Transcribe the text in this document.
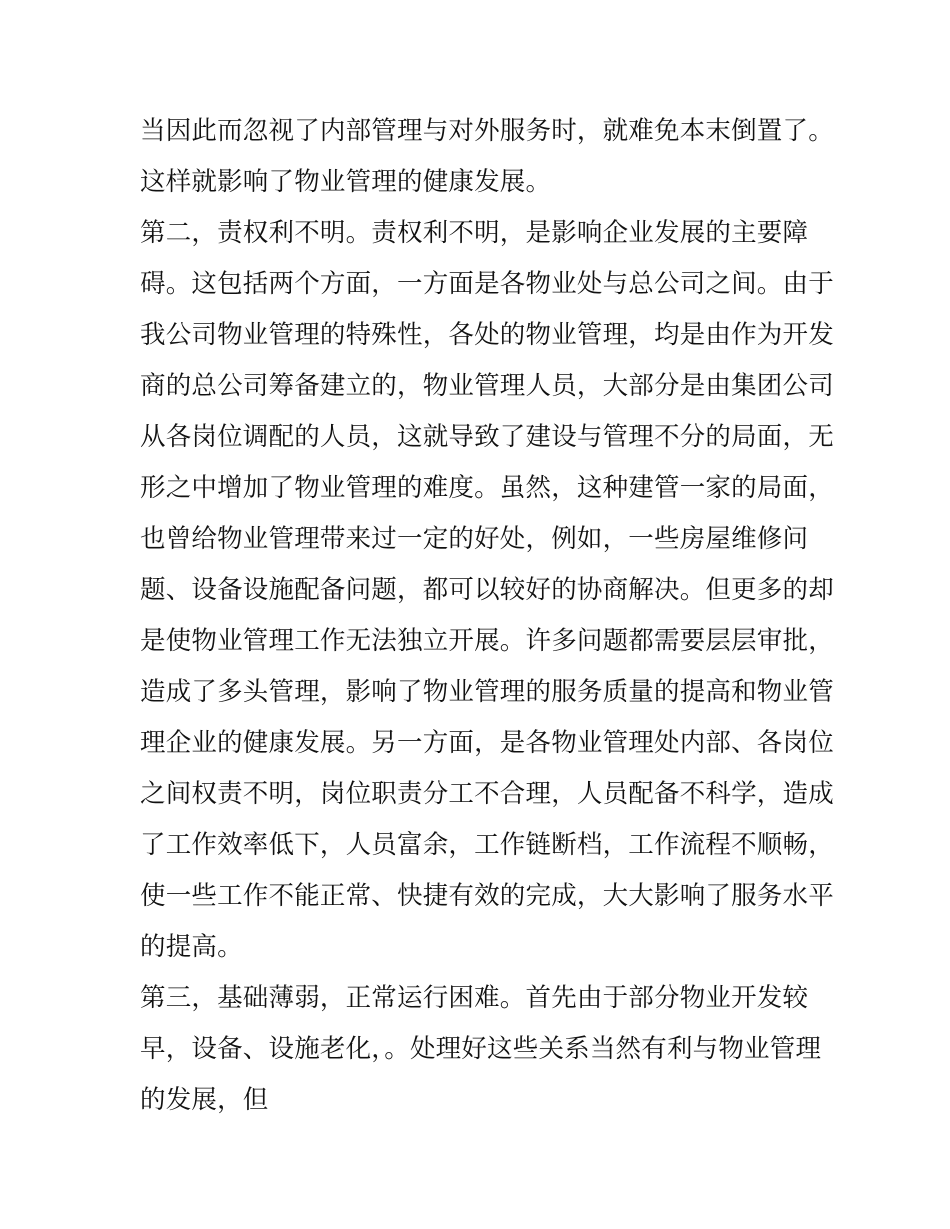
当因此而忽视了内部管理与对外服务时，就难免本末倒置了。
这样就影响了物业管理的健康发展。
第二，责权利不明。责权利不明，是影响企业发展的主要障
碍。这包括两个方面，一方面是各物业处与总公司之间。由于
我公司物业管理的特殊性，各处的物业管理，均是由作为开发
商的总公司筹备建立的，物业管理人员，大部分是由集团公司
从各岗位调配的人员，这就导致了建设与管理不分的局面，无
形之中增加了物业管理的难度。虽然，这种建管一家的局面，
也曾给物业管理带来过一定的好处，例如，一些房屋维修问
题、设备设施配备问题，都可以较好的协商解决。但更多的却
是使物业管理工作无法独立开展。许多问题都需要层层审批，
造成了多头管理，影响了物业管理的服务质量的提高和物业管
理企业的健康发展。另一方面，是各物业管理处内部、各岗位
之间权责不明，岗位职责分工不合理，人员配备不科学，造成
了工作效率低下，人员富余，工作链断档，工作流程不顺畅，
使一些工作不能正常、快捷有效的完成，大大影响了服务水平
的提高。
第三，基础薄弱，正常运行困难。首先由于部分物业开发较
早，设备、设施老化，。处理好这些关系当然有利与物业管理
的发展，但
